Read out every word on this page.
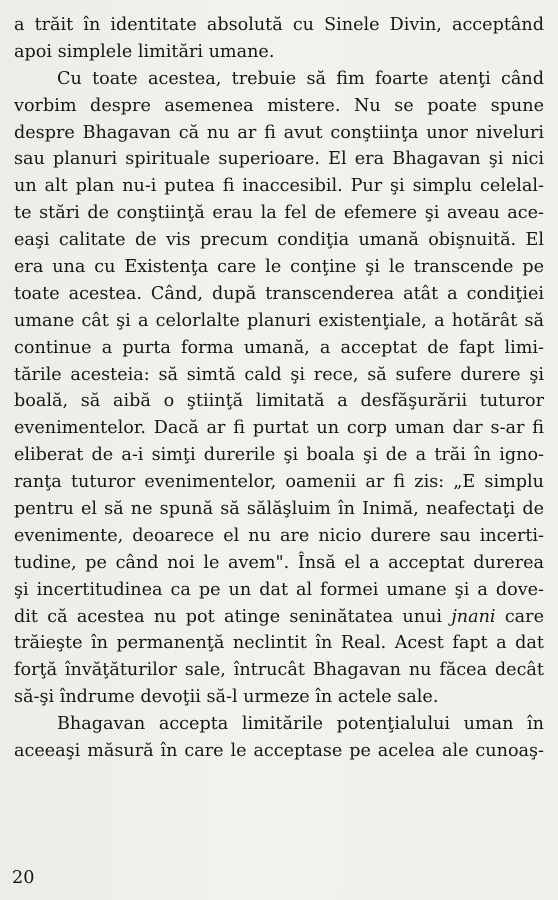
a trăit în identitate absolută cu Sinele Divin, acceptând
apoi simplele limitări umane.
Cu toate acestea, trebuie să fim foarte atenţi când
vorbim despre asemenea mistere. Nu se poate spune
despre Bhagavan că nu ar fi avut conştiinţa unor niveluri
sau planuri spirituale superioare. El era Bhagavan şi nici
un alt plan nu-i putea fi inaccesibil. Pur şi simplu celelal-
te stări de conştiinţă erau la fel de efemere şi aveau ace-
eaşi calitate de vis precum condiţia umană obişnuită. El
era una cu Existenţa care le conţine şi le transcende pe
toate acestea. Când, după transcenderea atât a condiţiei
umane cât şi a celorlalte planuri existenţiale, a hotărât să
continue a purta forma umană, a acceptat de fapt limi-
tările acesteia: să simtă cald şi rece, să sufere durere şi
boală, să aibă o ştiinţă limitată a desfăşurării tuturor
evenimentelor. Dacă ar fi purtat un corp uman dar s-ar fi
eliberat de a-i simţi durerile şi boala şi de a trăi în igno-
ranţa tuturor evenimentelor, oamenii ar fi zis: „E simplu
pentru el să ne spună să sălăşluim în Inimă, neafectaţi de
evenimente, deoarece el nu are nicio durere sau incerti-
tudine, pe când noi le avem". Însă el a acceptat durerea
şi incertitudinea ca pe un dat al formei umane şi a dove-
dit că acestea nu pot atinge seninătatea unui jnani care
trăieşte în permanenţă neclintit în Real. Acest fapt a dat
forţă învăţăturilor sale, întrucât Bhagavan nu făcea decât
să-şi îndrume devoţii să-l urmeze în actele sale.
Bhagavan accepta limitările potenţialului uman în
aceeaşi măsură în care le acceptase pe acelea ale cunoaş-
20
